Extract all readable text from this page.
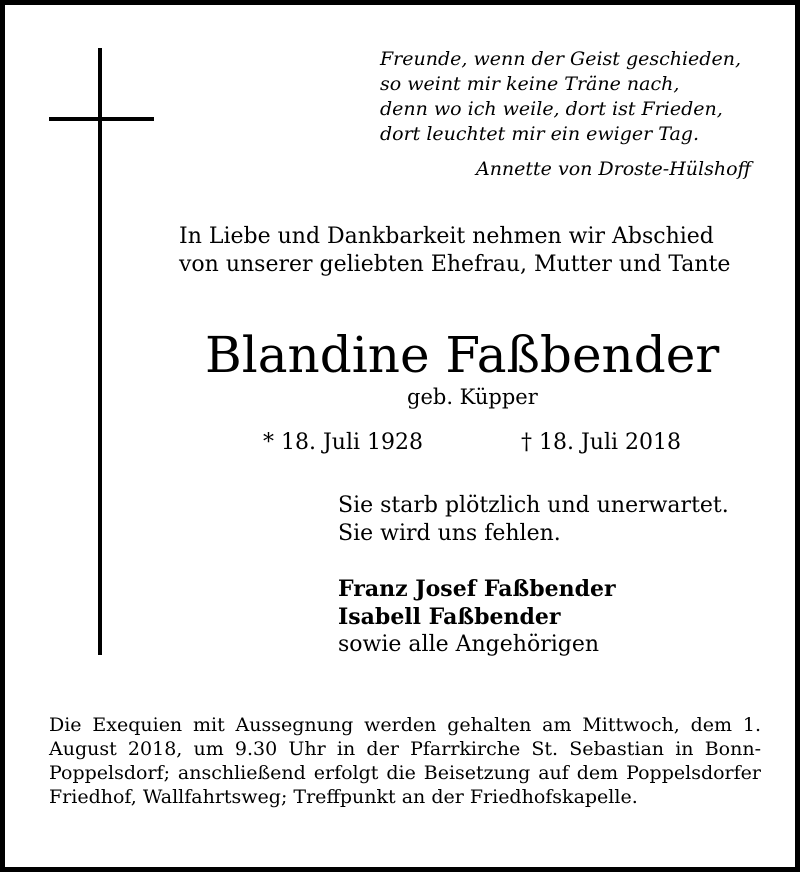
Freunde, wenn der Geist geschieden,
so weint mir keine Träne nach,
denn wo ich weile, dort ist Frieden,
dort leuchtet mir ein ewiger Tag.
Annette von Droste-Hülshoff
In Liebe und Dankbarkeit nehmen wir Abschied
von unserer geliebten Ehefrau, Mutter und Tante
Blandine Faßbender
geb. Küpper
* 18. Juli 1928	† 18. Juli 2018
Sie starb plötzlich und unerwartet.
Sie wird uns fehlen.
Franz Josef Faßbender
Isabell Faßbender
sowie alle Angehörigen
Die Exequien mit Aussegnung werden gehalten am Mittwoch, dem 1. August 2018, um 9.30 Uhr in der Pfarrkirche St. Sebastian in Bonn-Poppelsdorf; anschließend erfolgt die Beisetzung auf dem Poppelsdorfer Friedhof, Wallfahrtsweg; Treffpunkt an der Friedhofskapelle.
